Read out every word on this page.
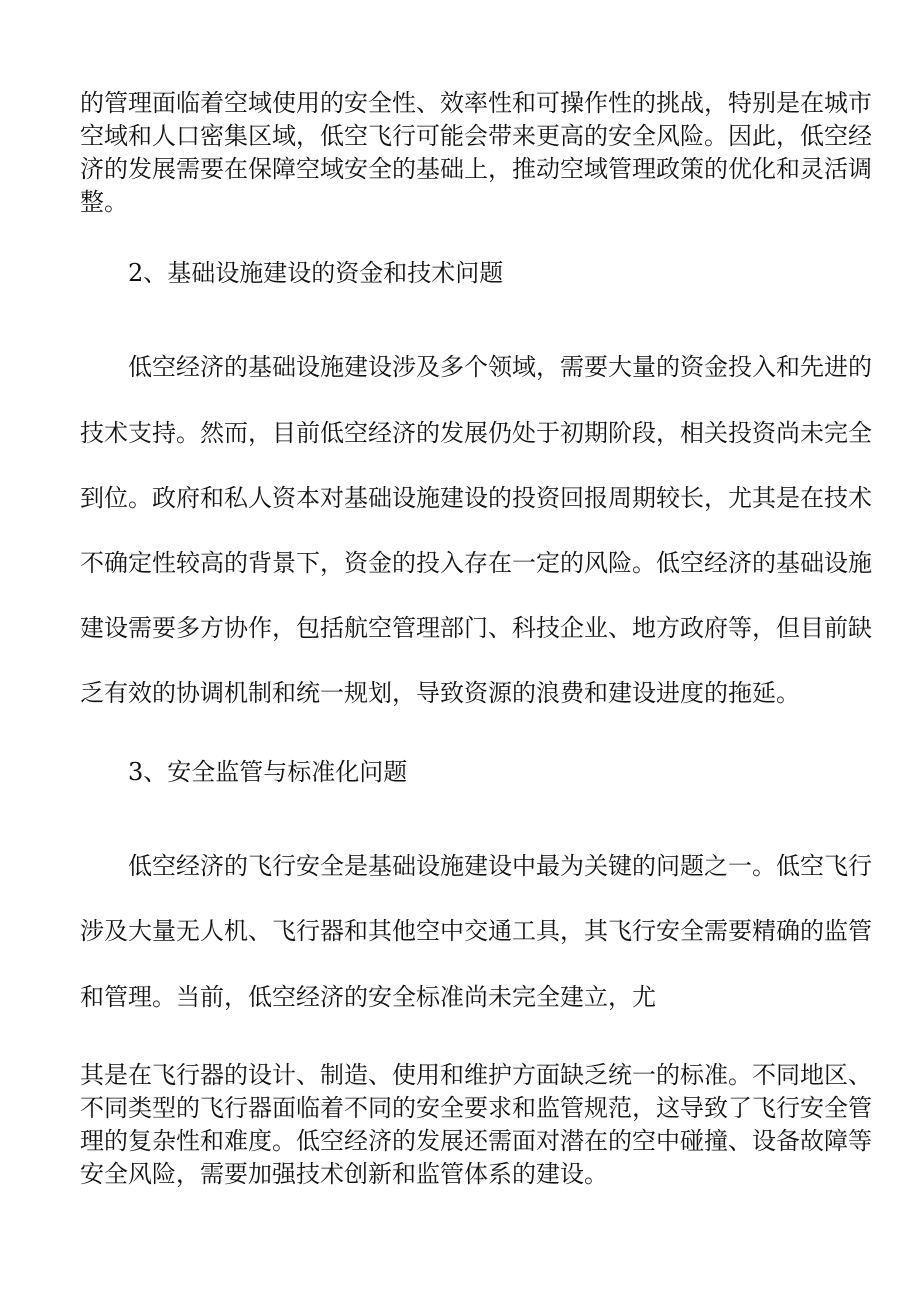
的管理面临着空域使用的安全性、效率性和可操作性的挑战，特别是在城市
空域和人口密集区域，低空飞行可能会带来更高的安全风险。因此，低空经
济的发展需要在保障空域安全的基础上，推动空域管理政策的优化和灵活调
整。
2、基础设施建设的资金和技术问题
低空经济的基础设施建设涉及多个领域，需要大量的资金投入和先进的
技术支持。然而，目前低空经济的发展仍处于初期阶段，相关投资尚未完全
到位。政府和私人资本对基础设施建设的投资回报周期较长，尤其是在技术
不确定性较高的背景下，资金的投入存在一定的风险。低空经济的基础设施
建设需要多方协作，包括航空管理部门、科技企业、地方政府等，但目前缺
乏有效的协调机制和统一规划，导致资源的浪费和建设进度的拖延。
3、安全监管与标准化问题
低空经济的飞行安全是基础设施建设中最为关键的问题之一。低空飞行
涉及大量无人机、飞行器和其他空中交通工具，其飞行安全需要精确的监管
和管理。当前，低空经济的安全标准尚未完全建立，尤
其是在飞行器的设计、制造、使用和维护方面缺乏统一的标准。不同地区、
不同类型的飞行器面临着不同的安全要求和监管规范，这导致了飞行安全管
理的复杂性和难度。低空经济的发展还需面对潜在的空中碰撞、设备故障等
安全风险，需要加强技术创新和监管体系的建设。
